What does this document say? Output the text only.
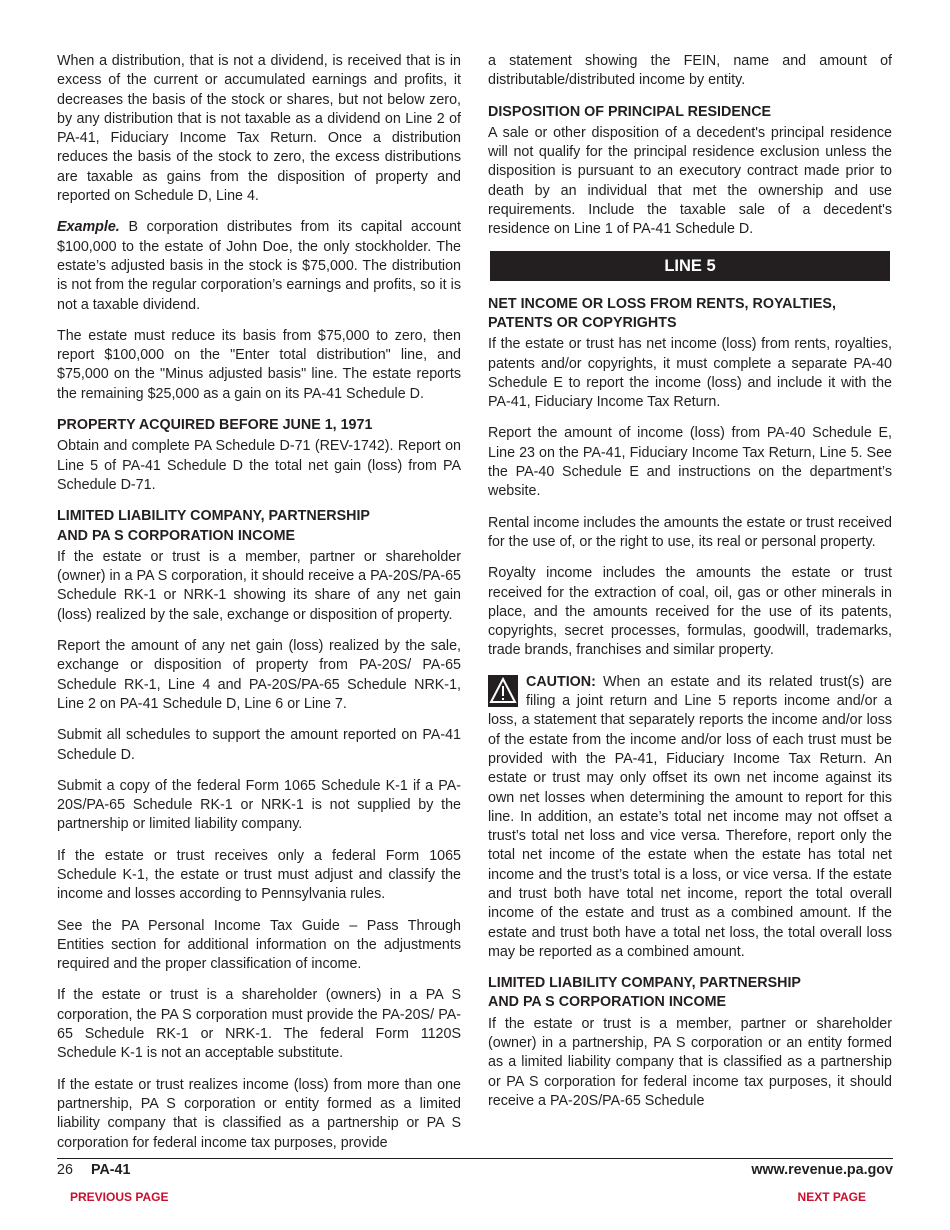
When a distribution, that is not a dividend, is received that is in excess of the current or accumulated earnings and profits, it decreases the basis of the stock or shares, but not below zero, by any distribution that is not taxable as a dividend on Line 2 of PA-41, Fiduciary Income Tax Return. Once a distribution reduces the basis of the stock to zero, the excess distributions are taxable as gains from the disposition of property and reported on Schedule D, Line 4.

Example. B corporation distributes from its capital account $100,000 to the estate of John Doe, the only stockholder. The estate’s adjusted basis in the stock is $75,000. The distribution is not from the regular corporation’s earnings and profits, so it is not a taxable dividend.

The estate must reduce its basis from $75,000 to zero, then report $100,000 on the "Enter total distribution" line, and $75,000 on the "Minus adjusted basis" line. The estate reports the remaining $25,000 as a gain on its PA-41 Schedule D.

PROPERTY ACQUIRED BEFORE JUNE 1, 1971

Obtain and complete PA Schedule D-71 (REV-1742). Report on Line 5 of PA-41 Schedule D the total net gain (loss) from PA Schedule D-71.

LIMITED LIABILITY COMPANY, PARTNERSHIP
AND PA S CORPORATION INCOME

If the estate or trust is a member, partner or shareholder (owner) in a PA S corporation, it should receive a PA-20S/PA-65 Schedule RK-1 or NRK-1 showing its share of any net gain (loss) realized by the sale, exchange or disposition of property.

Report the amount of any net gain (loss) realized by the sale, exchange or disposition of property from PA-20S/ PA-65 Schedule RK-1, Line 4 and PA-20S/PA-65 Schedule NRK-1, Line 2 on PA-41 Schedule D, Line 6 or Line 7.

Submit all schedules to support the amount reported on PA-41 Schedule D.

Submit a copy of the federal Form 1065 Schedule K-1 if a PA-20S/PA-65 Schedule RK-1 or NRK-1 is not supplied by the partnership or limited liability company.

If the estate or trust receives only a federal Form 1065 Schedule K-1, the estate or trust must adjust and classify the income and losses according to Pennsylvania rules.

See the PA Personal Income Tax Guide – Pass Through Entities section for additional information on the adjustments required and the proper classification of income.

If the estate or trust is a shareholder (owners) in a PA S corporation, the PA S corporation must provide the PA-20S/ PA-65 Schedule RK-1 or NRK-1. The federal Form 1120S Schedule K-1 is not an acceptable substitute.

If the estate or trust realizes income (loss) from more than one partnership, PA S corporation or entity formed as a limited liability company that is classified as a partnership or PA S corporation for federal income tax purposes, provide

a statement showing the FEIN, name and amount of distributable/distributed income by entity.

DISPOSITION OF PRINCIPAL RESIDENCE

A sale or other disposition of a decedent's principal residence will not qualify for the principal residence exclusion unless the disposition is pursuant to an executory contract made prior to death by an individual that met the ownership and use requirements. Include the taxable sale of a decedent's residence on Line 1 of PA-41 Schedule D.

LINE 5
NET INCOME OR LOSS FROM RENTS, ROYALTIES,
PATENTS OR COPYRIGHTS

If the estate or trust has net income (loss) from rents, royalties, patents and/or copyrights, it must complete a separate PA-40 Schedule E to report the income (loss) and include it with the PA-41, Fiduciary Income Tax Return.

Report the amount of income (loss) from PA-40 Schedule E, Line 23 on the PA-41, Fiduciary Income Tax Return, Line 5. See the PA-40 Schedule E and instructions on the department’s website.

Rental income includes the amounts the estate or trust received for the use of, or the right to use, its real or personal property.

Royalty income includes the amounts the estate or trust received for the extraction of coal, oil, gas or other minerals in place, and the amounts received for the use of its patents, copyrights, secret processes, formulas, goodwill, trademarks, trade brands, franchises and similar property.

CAUTION: When an estate and its related trust(s) are filing a joint return and Line 5 reports income and/or a loss, a statement that separately reports the income and/or loss of the estate from the income and/or loss of each trust must be provided with the PA-41, Fiduciary Income Tax Return. An estate or trust may only offset its own net income against its own net losses when determining the amount to report for this line. In addition, an estate’s total net income may not offset a trust’s total net loss and vice versa. Therefore, report only the total net income of the estate when the estate has total net income and the trust’s total is a loss, or vice versa. If the estate and trust both have total net income, report the total overall income of the estate and trust as a combined amount. If the estate and trust both have a total net loss, the total overall loss may be reported as a combined amount.

LIMITED LIABILITY COMPANY, PARTNERSHIP
AND PA S CORPORATION INCOME

If the estate or trust is a member, partner or shareholder (owner) in a partnership, PA S corporation or an entity formed as a limited liability company that is classified as a partnership or PA S corporation for federal income tax purposes, it should receive a PA-20S/PA-65 Schedule

26 PA-41	www.revenue.pa.gov
PREVIOUS PAGE	NEXT PAGE
